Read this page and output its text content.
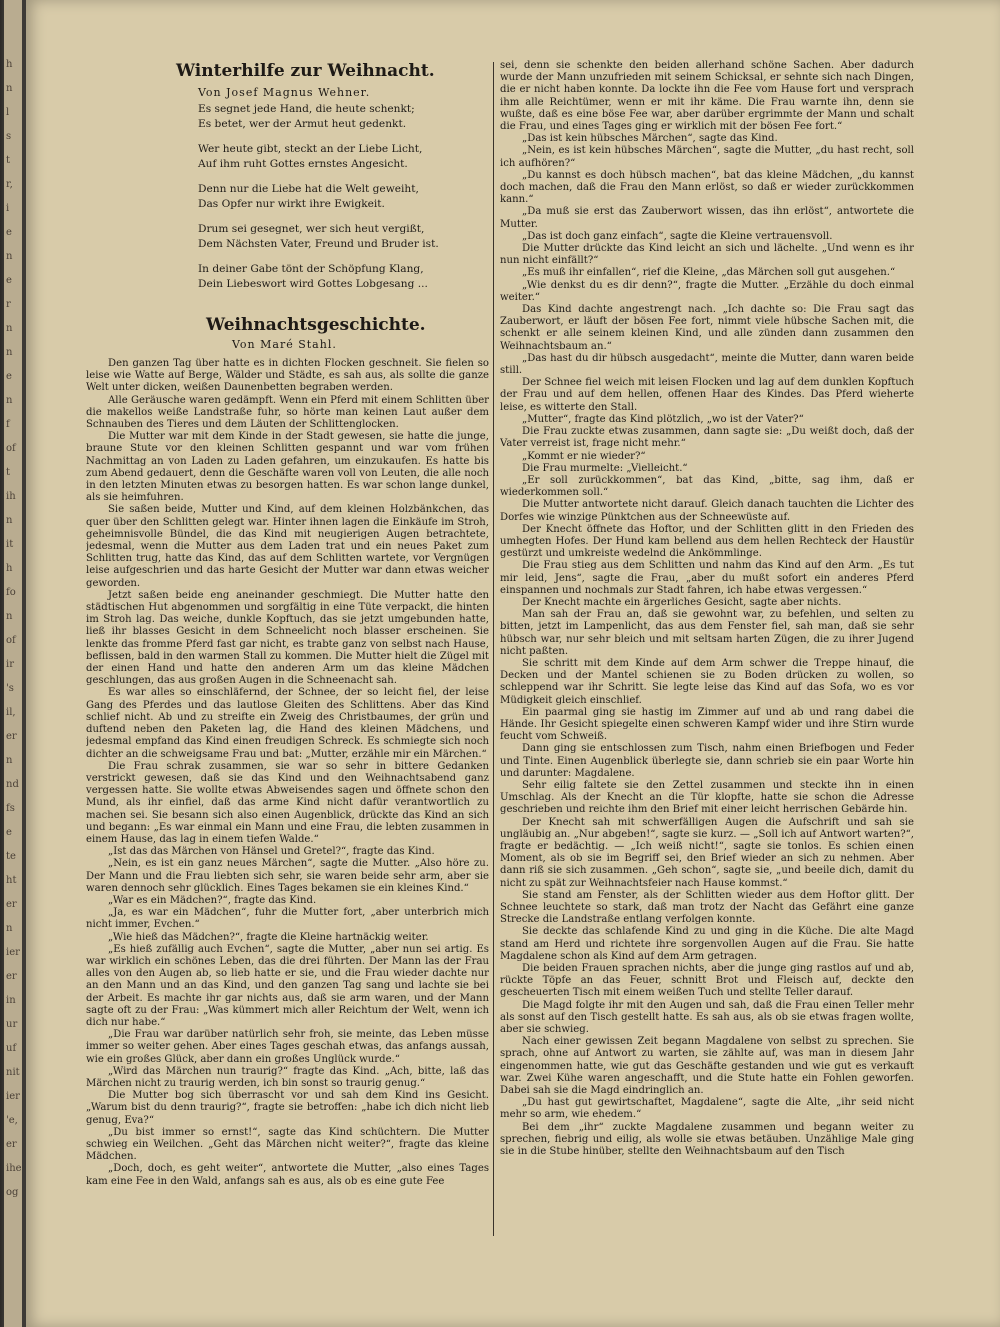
h
n
l
s
t
r,
i
e
n
e
r
n
n
e
n
f
of
t
ih
n
it
h
fo
n
of
ir
's
il,
er
n
nd
fs
e
te
ht
er
n
ier
er
in
ur
uf
nit
ier
'e,
er
ihe
og
Winterhilfe zur Weihnacht.
Von Josef Magnus Wehner.

Es segnet jede Hand, die heute schenkt;

Es betet, wer der Armut heut gedenkt.

Wer heute gibt, steckt an der Liebe Licht,

Auf ihm ruht Gottes ernstes Angesicht.

Denn nur die Liebe hat die Welt geweiht,

Das Opfer nur wirkt ihre Ewigkeit.

Drum sei gesegnet, wer sich heut vergißt,

Dem Nächsten Vater, Freund und Bruder ist.

In deiner Gabe tönt der Schöpfung Klang,

Dein Liebeswort wird Gottes Lobgesang ...

Weihnachtsgeschichte.
Von Maré Stahl.

Den ganzen Tag über hatte es in dichten Flocken geschneit. Sie fielen so leise wie Watte auf Berge, Wälder und Städte, es sah aus, als sollte die ganze Welt unter dicken, weißen Daunenbetten begraben werden.

Alle Geräusche waren gedämpft. Wenn ein Pferd mit einem Schlitten über die makellos weiße Landstraße fuhr, so hörte man keinen Laut außer dem Schnauben des Tieres und dem Läuten der Schlittenglocken.

Die Mutter war mit dem Kinde in der Stadt gewesen, sie hatte die junge, braune Stute vor den kleinen Schlitten gespannt und war vom frühen Nachmittag an von Laden zu Laden gefahren, um einzukaufen. Es hatte bis zum Abend gedauert, denn die Geschäfte waren voll von Leuten, die alle noch in den letzten Minuten etwas zu besorgen hatten. Es war schon lange dunkel, als sie heimfuhren.

Sie saßen beide, Mutter und Kind, auf dem kleinen Holzbänkchen, das quer über den Schlitten gelegt war. Hinter ihnen lagen die Einkäufe im Stroh, geheimnisvolle Bündel, die das Kind mit neugierigen Augen betrachtete, jedesmal, wenn die Mutter aus dem Laden trat und ein neues Paket zum Schlitten trug, hatte das Kind, das auf dem Schlitten wartete, vor Vergnügen leise aufgeschrien und das harte Gesicht der Mutter war dann etwas weicher geworden.

Jetzt saßen beide eng aneinander geschmiegt. Die Mutter hatte den städtischen Hut abgenommen und sorgfältig in eine Tüte verpackt, die hinten im Stroh lag. Das weiche, dunkle Kopftuch, das sie jetzt umgebunden hatte, ließ ihr blasses Gesicht in dem Schneelicht noch blasser erscheinen. Sie lenkte das fromme Pferd fast gar nicht, es trabte ganz von selbst nach Hause, beflissen, bald in den warmen Stall zu kommen. Die Mutter hielt die Zügel mit der einen Hand und hatte den anderen Arm um das kleine Mädchen geschlungen, das aus großen Augen in die Schneenacht sah.

Es war alles so einschläfernd, der Schnee, der so leicht fiel, der leise Gang des Pferdes und das lautlose Gleiten des Schlittens. Aber das Kind schlief nicht. Ab und zu streifte ein Zweig des Christbaumes, der grün und duftend neben den Paketen lag, die Hand des kleinen Mädchens, und jedesmal empfand das Kind einen freudigen Schreck. Es schmiegte sich noch dichter an die schweigsame Frau und bat: „Mutter, erzähle mir ein Märchen.“

Die Frau schrak zusammen, sie war so sehr in bittere Gedanken verstrickt gewesen, daß sie das Kind und den Weihnachtsabend ganz vergessen hatte. Sie wollte etwas Abweisendes sagen und öffnete schon den Mund, als ihr einfiel, daß das arme Kind nicht dafür verantwortlich zu machen sei. Sie besann sich also einen Augenblick, drückte das Kind an sich und begann: „Es war einmal ein Mann und eine Frau, die lebten zusammen in einem Hause, das lag in einem tiefen Walde.“

„Ist das das Märchen von Hänsel und Gretel?“, fragte das Kind.

„Nein, es ist ein ganz neues Märchen“, sagte die Mutter. „Also höre zu. Der Mann und die Frau liebten sich sehr, sie waren beide sehr arm, aber sie waren dennoch sehr glücklich. Eines Tages bekamen sie ein kleines Kind.“

„War es ein Mädchen?“, fragte das Kind.

„Ja, es war ein Mädchen“, fuhr die Mutter fort, „aber unterbrich mich nicht immer, Evchen.“

„Wie hieß das Mädchen?“, fragte die Kleine hartnäckig weiter.

„Es hieß zufällig auch Evchen“, sagte die Mutter, „aber nun sei artig. Es war wirklich ein schönes Leben, das die drei führten. Der Mann las der Frau alles von den Augen ab, so lieb hatte er sie, und die Frau wieder dachte nur an den Mann und an das Kind, und den ganzen Tag sang und lachte sie bei der Arbeit. Es machte ihr gar nichts aus, daß sie arm waren, und der Mann sagte oft zu der Frau: „Was kümmert mich aller Reichtum der Welt, wenn ich dich nur habe.“

„Die Frau war darüber natürlich sehr froh, sie meinte, das Leben müsse immer so weiter gehen. Aber eines Tages geschah etwas, das anfangs aussah, wie ein großes Glück, aber dann ein großes Unglück wurde.“

„Wird das Märchen nun traurig?“ fragte das Kind. „Ach, bitte, laß das Märchen nicht zu traurig werden, ich bin sonst so traurig genug.“

Die Mutter bog sich überrascht vor und sah dem Kind ins Gesicht. „Warum bist du denn traurig?“, fragte sie betroffen: „habe ich dich nicht lieb genug, Eva?“

„Du bist immer so ernst!“, sagte das Kind schüchtern. Die Mutter schwieg ein Weilchen. „Geht das Märchen nicht weiter?“, fragte das kleine Mädchen.

„Doch, doch, es geht weiter“, antwortete die Mutter, „also eines Tages kam eine Fee in den Wald, anfangs sah es aus, als ob es eine gute Fee

sei, denn sie schenkte den beiden allerhand schöne Sachen. Aber dadurch wurde der Mann unzufrieden mit seinem Schicksal, er sehnte sich nach Dingen, die er nicht haben konnte. Da lockte ihn die Fee vom Hause fort und versprach ihm alle Reichtümer, wenn er mit ihr käme. Die Frau warnte ihn, denn sie wußte, daß es eine böse Fee war, aber darüber ergrimmte der Mann und schalt die Frau, und eines Tages ging er wirklich mit der bösen Fee fort.“

„Das ist kein hübsches Märchen“, sagte das Kind.

„Nein, es ist kein hübsches Märchen“, sagte die Mutter, „du hast recht, soll ich aufhören?“

„Du kannst es doch hübsch machen“, bat das kleine Mädchen, „du kannst doch machen, daß die Frau den Mann erlöst, so daß er wieder zurückkommen kann.“

„Da muß sie erst das Zauberwort wissen, das ihn erlöst“, antwortete die Mutter.

„Das ist doch ganz einfach“, sagte die Kleine vertrauensvoll.

Die Mutter drückte das Kind leicht an sich und lächelte. „Und wenn es ihr nun nicht einfällt?“

„Es muß ihr einfallen“, rief die Kleine, „das Märchen soll gut ausgehen.“

„Wie denkst du es dir denn?“, fragte die Mutter. „Erzähle du doch einmal weiter.“

Das Kind dachte angestrengt nach. „Ich dachte so: Die Frau sagt das Zauberwort, er läuft der bösen Fee fort, nimmt viele hübsche Sachen mit, die schenkt er alle seinem kleinen Kind, und alle zünden dann zusammen den Weihnachtsbaum an.“

„Das hast du dir hübsch ausgedacht“, meinte die Mutter, dann waren beide still.

Der Schnee fiel weich mit leisen Flocken und lag auf dem dunklen Kopftuch der Frau und auf dem hellen, offenen Haar des Kindes. Das Pferd wieherte leise, es witterte den Stall.

„Mutter“, fragte das Kind plötzlich, „wo ist der Vater?“

Die Frau zuckte etwas zusammen, dann sagte sie: „Du weißt doch, daß der Vater verreist ist, frage nicht mehr.“

„Kommt er nie wieder?“

Die Frau murmelte: „Vielleicht.“

„Er soll zurückkommen“, bat das Kind, „bitte, sag ihm, daß er wiederkommen soll.“

Die Mutter antwortete nicht darauf. Gleich danach tauchten die Lichter des Dorfes wie winzige Pünktchen aus der Schneewüste auf.

Der Knecht öffnete das Hoftor, und der Schlitten glitt in den Frieden des umhegten Hofes. Der Hund kam bellend aus dem hellen Rechteck der Haustür gestürzt und umkreiste wedelnd die Ankömmlinge.

Die Frau stieg aus dem Schlitten und nahm das Kind auf den Arm. „Es tut mir leid, Jens“, sagte die Frau, „aber du mußt sofort ein anderes Pferd einspannen und nochmals zur Stadt fahren, ich habe etwas vergessen.“

Der Knecht machte ein ärgerliches Gesicht, sagte aber nichts.

Man sah der Frau an, daß sie gewohnt war, zu befehlen, und selten zu bitten, jetzt im Lampenlicht, das aus dem Fenster fiel, sah man, daß sie sehr hübsch war, nur sehr bleich und mit seltsam harten Zügen, die zu ihrer Jugend nicht paßten.

Sie schritt mit dem Kinde auf dem Arm schwer die Treppe hinauf, die Decken und der Mantel schienen sie zu Boden drücken zu wollen, so schleppend war ihr Schritt. Sie legte leise das Kind auf das Sofa, wo es vor Müdigkeit gleich einschlief.

Ein paarmal ging sie hastig im Zimmer auf und ab und rang dabei die Hände. Ihr Gesicht spiegelte einen schweren Kampf wider und ihre Stirn wurde feucht vom Schweiß.

Dann ging sie entschlossen zum Tisch, nahm einen Briefbogen und Feder und Tinte. Einen Augenblick überlegte sie, dann schrieb sie ein paar Worte hin und darunter: Magdalene.

Sehr eilig faltete sie den Zettel zusammen und steckte ihn in einen Umschlag. Als der Knecht an die Tür klopfte, hatte sie schon die Adresse geschrieben und reichte ihm den Brief mit einer leicht herrischen Gebärde hin.

Der Knecht sah mit schwerfälligen Augen die Aufschrift und sah sie ungläubig an. „Nur abgeben!“, sagte sie kurz. — „Soll ich auf Antwort warten?“, fragte er bedächtig. — „Ich weiß nicht!“, sagte sie tonlos. Es schien einen Moment, als ob sie im Begriff sei, den Brief wieder an sich zu nehmen. Aber dann riß sie sich zusammen. „Geh schon“, sagte sie, „und beeile dich, damit du nicht zu spät zur Weihnachtsfeier nach Hause kommst.“

Sie stand am Fenster, als der Schlitten wieder aus dem Hoftor glitt. Der Schnee leuchtete so stark, daß man trotz der Nacht das Gefährt eine ganze Strecke die Landstraße entlang verfolgen konnte.

Sie deckte das schlafende Kind zu und ging in die Küche. Die alte Magd stand am Herd und richtete ihre sorgenvollen Augen auf die Frau. Sie hatte Magdalene schon als Kind auf dem Arm getragen.

Die beiden Frauen sprachen nichts, aber die junge ging rastlos auf und ab, rückte Töpfe an das Feuer, schnitt Brot und Fleisch auf, deckte den gescheuerten Tisch mit einem weißen Tuch und stellte Teller darauf.

Die Magd folgte ihr mit den Augen und sah, daß die Frau einen Teller mehr als sonst auf den Tisch gestellt hatte. Es sah aus, als ob sie etwas fragen wollte, aber sie schwieg.

Nach einer gewissen Zeit begann Magdalene von selbst zu sprechen. Sie sprach, ohne auf Antwort zu warten, sie zählte auf, was man in diesem Jahr eingenommen hatte, wie gut das Geschäfte gestanden und wie gut es verkauft war. Zwei Kühe waren angeschafft, und die Stute hatte ein Fohlen geworfen. Dabei sah sie die Magd eindringlich an.

„Du hast gut gewirtschaftet, Magdalene“, sagte die Alte, „ihr seid nicht mehr so arm, wie ehedem.“

Bei dem „ihr“ zuckte Magdalene zusammen und begann weiter zu sprechen, fiebrig und eilig, als wolle sie etwas betäuben. Unzählige Male ging sie in die Stube hinüber, stellte den Weihnachtsbaum auf den Tisch
